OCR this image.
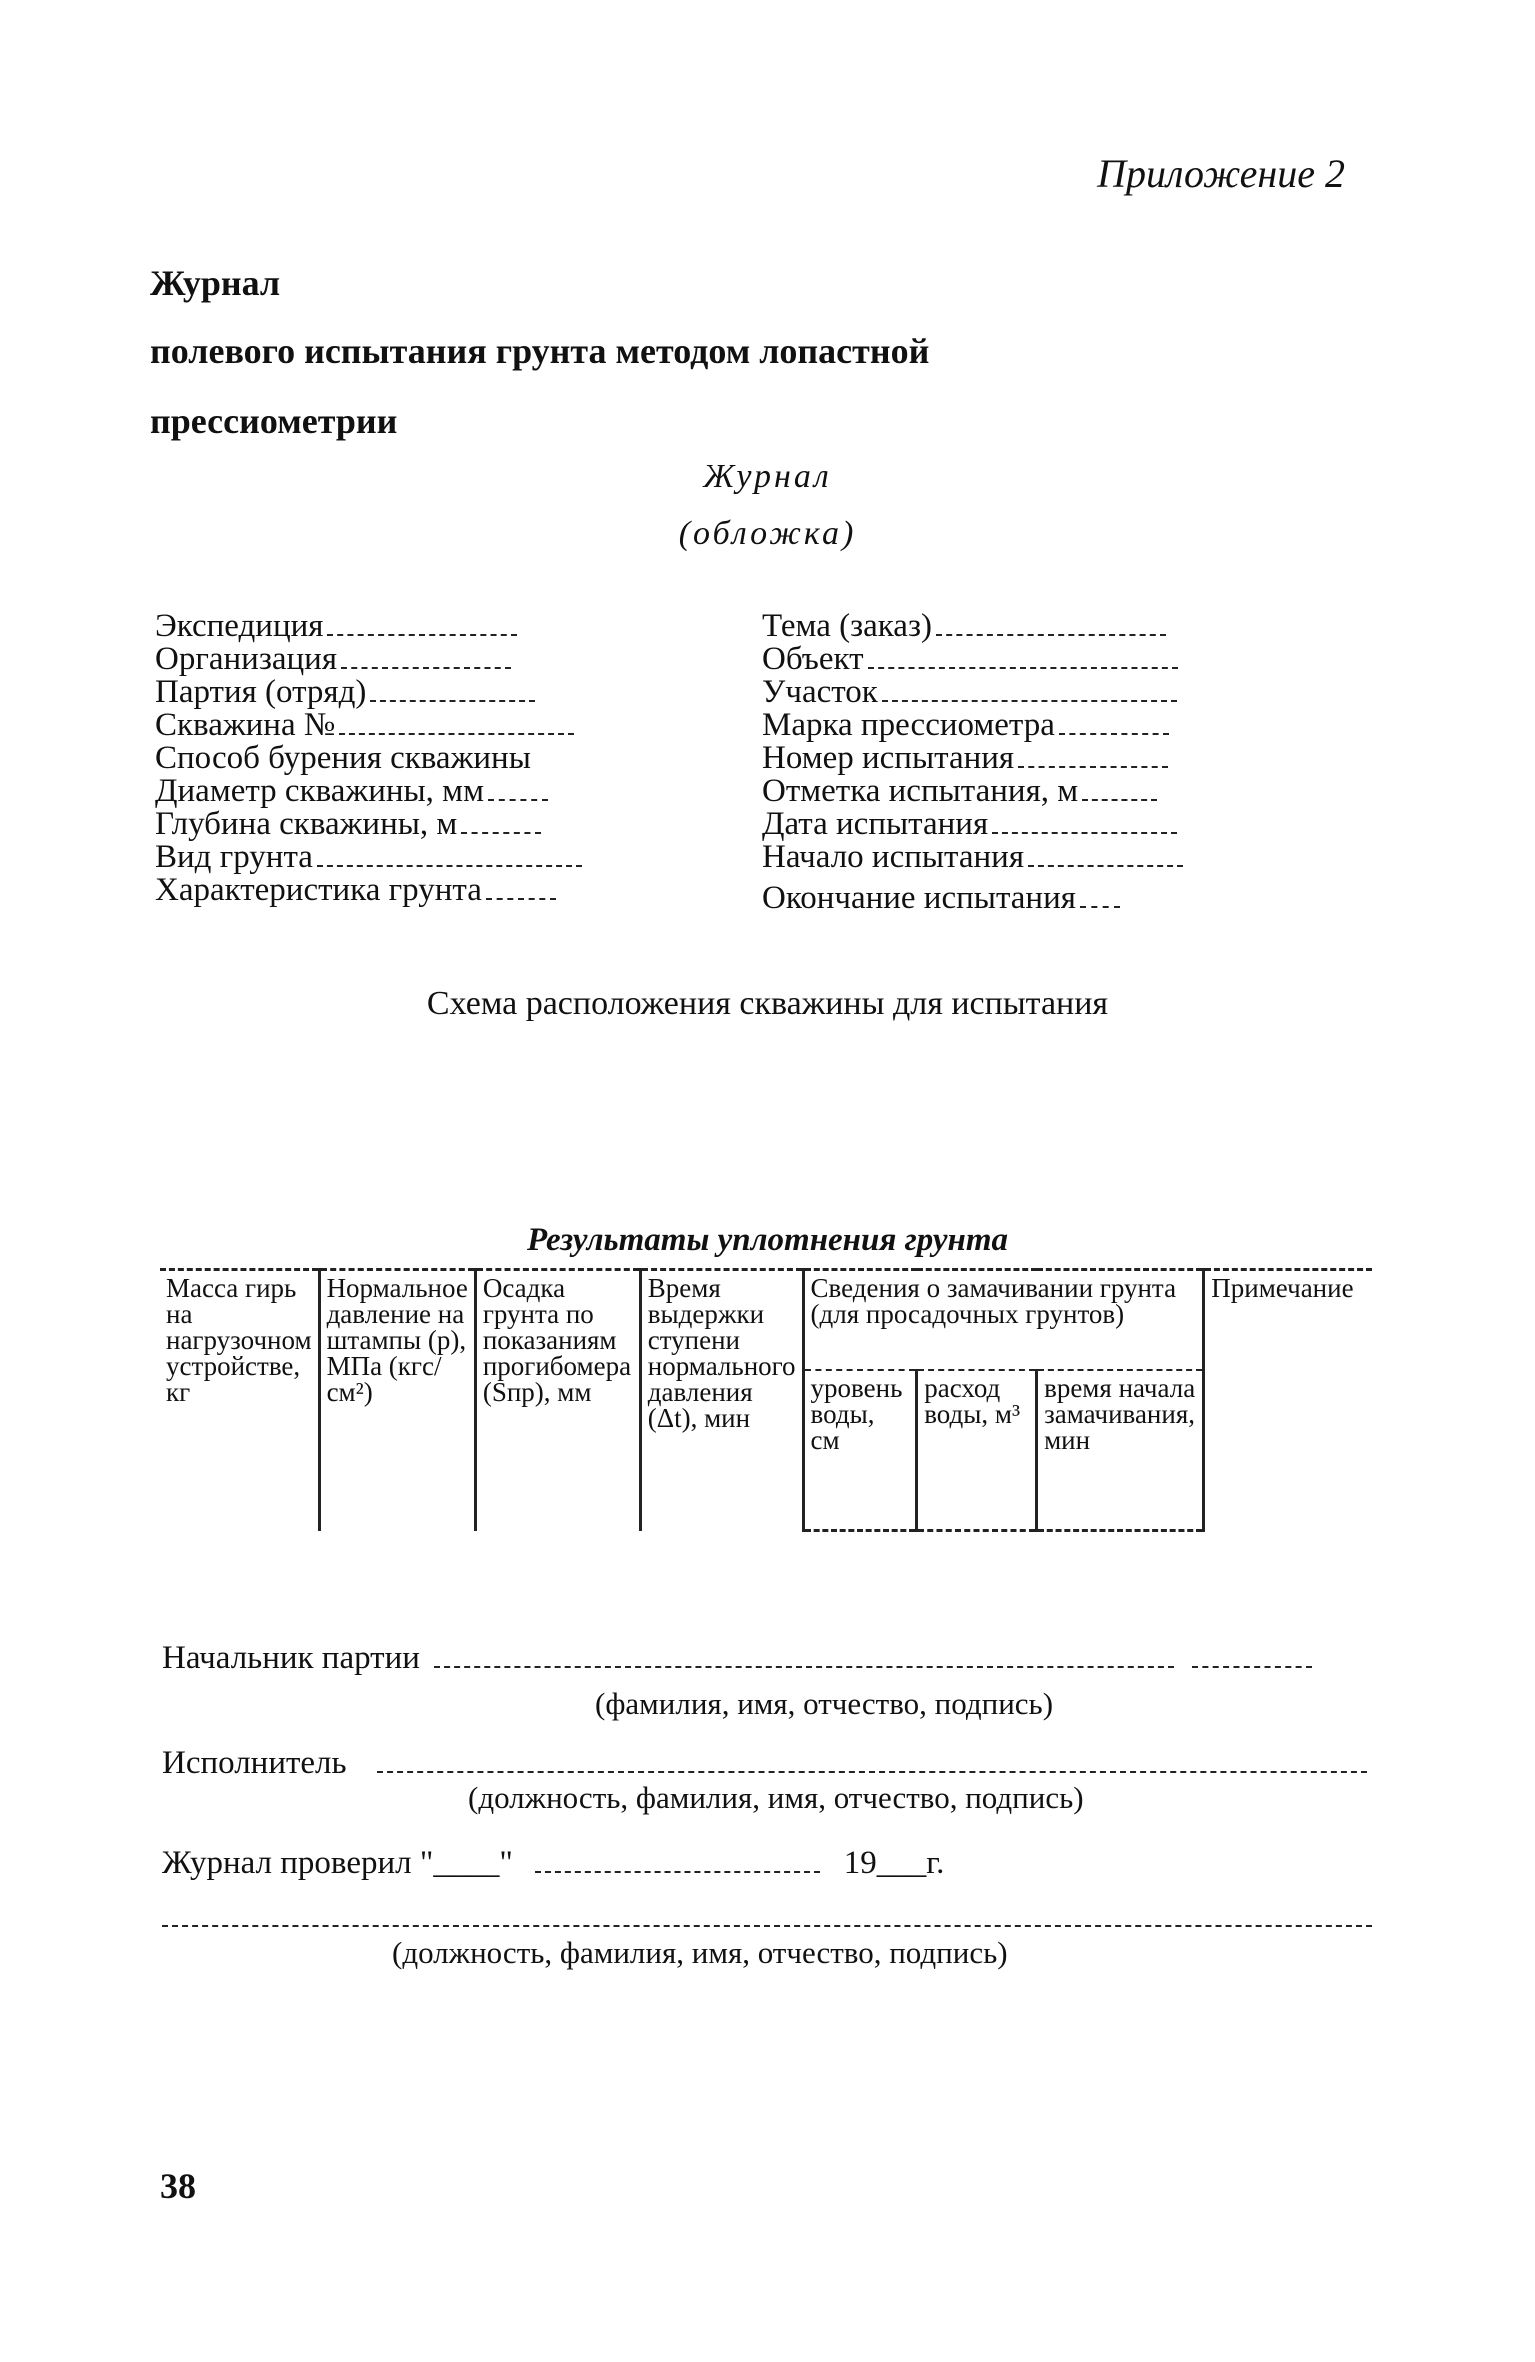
Приложение 2
Журнал
полевого испытания грунта методом лопастной
прессиометрии
Журнал
(обложка)
Экспедиция
Организация
Партия (отряд)
Скважина №
Способ бурения скважины
Диаметр скважины, мм
Глубина скважины, м
Вид грунта
Характеристика грунта
Тема (заказ)
Объект
Участок
Марка прессиометра
Номер испытания
Отметка испытания, м
Дата испытания
Начало испытания
Окончание испытания
Схема расположения скважины для испытания
Результаты уплотнения грунта
Масса гирь на нагрузочном устройстве, кг	Нормальное давление на штампы (p), МПа (кгс/см²)	Осадка грунта по показаниям прогибомера (Sпр), мм	Время выдержки ступени нормального давления (Δt), мин	Сведения о замачивании грунта (для просадочных грунтов)			Примечание
				уровень воды, см	расход воды, м³	время начала замачивания, мин	
Начальник партии
(фамилия, имя, отчество, подпись)
Исполнитель
(должность, фамилия, имя, отчество, подпись)
Журнал проверил "____"	19___г.
(должность, фамилия, имя, отчество, подпись)
38
